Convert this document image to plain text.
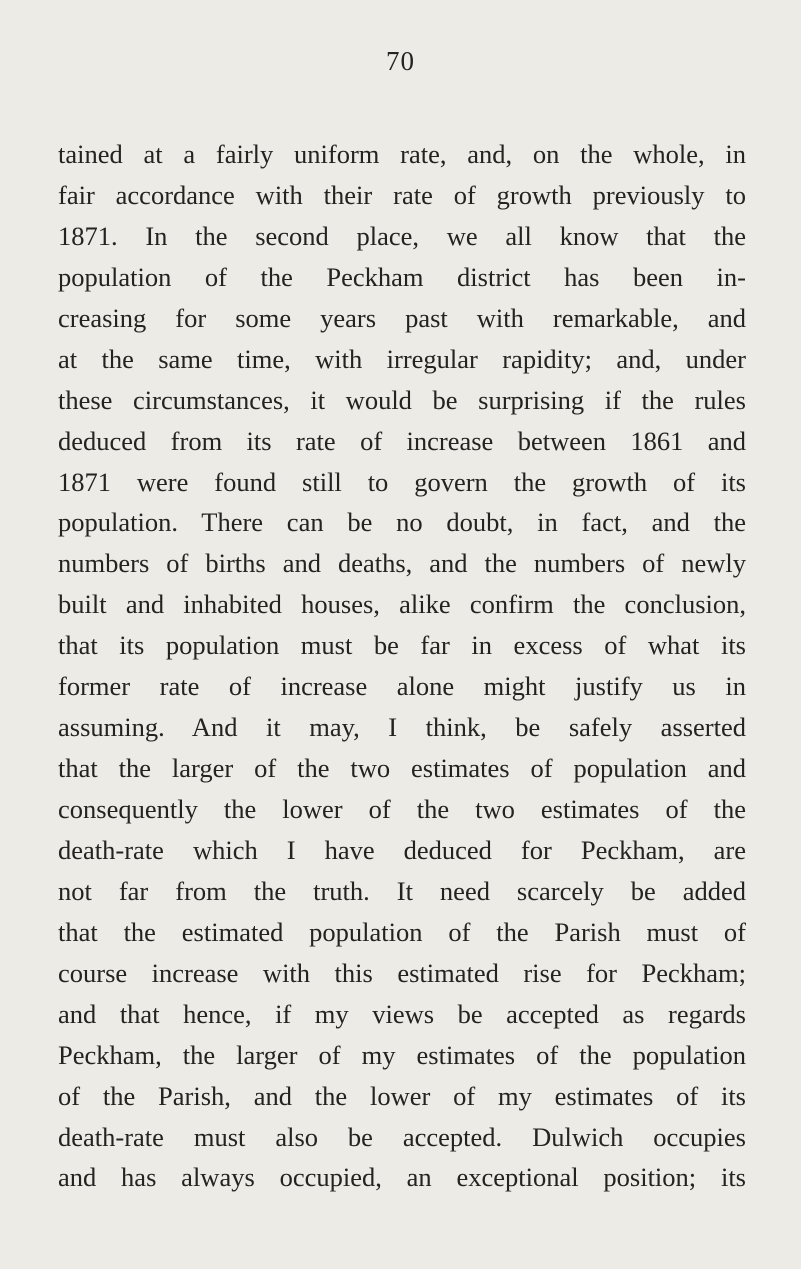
70
tained at a fairly uniform rate, and, on the whole, in
fair accordance with their rate of growth previously to
1871. In the second place, we all know that the
population of the Peckham district has been in-
creasing for some years past with remarkable, and
at the same time, with irregular rapidity; and, under
these circumstances, it would be surprising if the rules
deduced from its rate of increase between 1861 and
1871 were found still to govern the growth of its
population. There can be no doubt, in fact, and the
numbers of births and deaths, and the numbers of newly
built and inhabited houses, alike confirm the conclusion,
that its population must be far in excess of what its
former rate of increase alone might justify us in
assuming. And it may, I think, be safely asserted
that the larger of the two estimates of population and
consequently the lower of the two estimates of the
death-rate which I have deduced for Peckham, are
not far from the truth. It need scarcely be added
that the estimated population of the Parish must of
course increase with this estimated rise for Peckham;
and that hence, if my views be accepted as regards
Peckham, the larger of my estimates of the population
of the Parish, and the lower of my estimates of its
death-rate must also be accepted. Dulwich occupies
and has always occupied, an exceptional position; its
